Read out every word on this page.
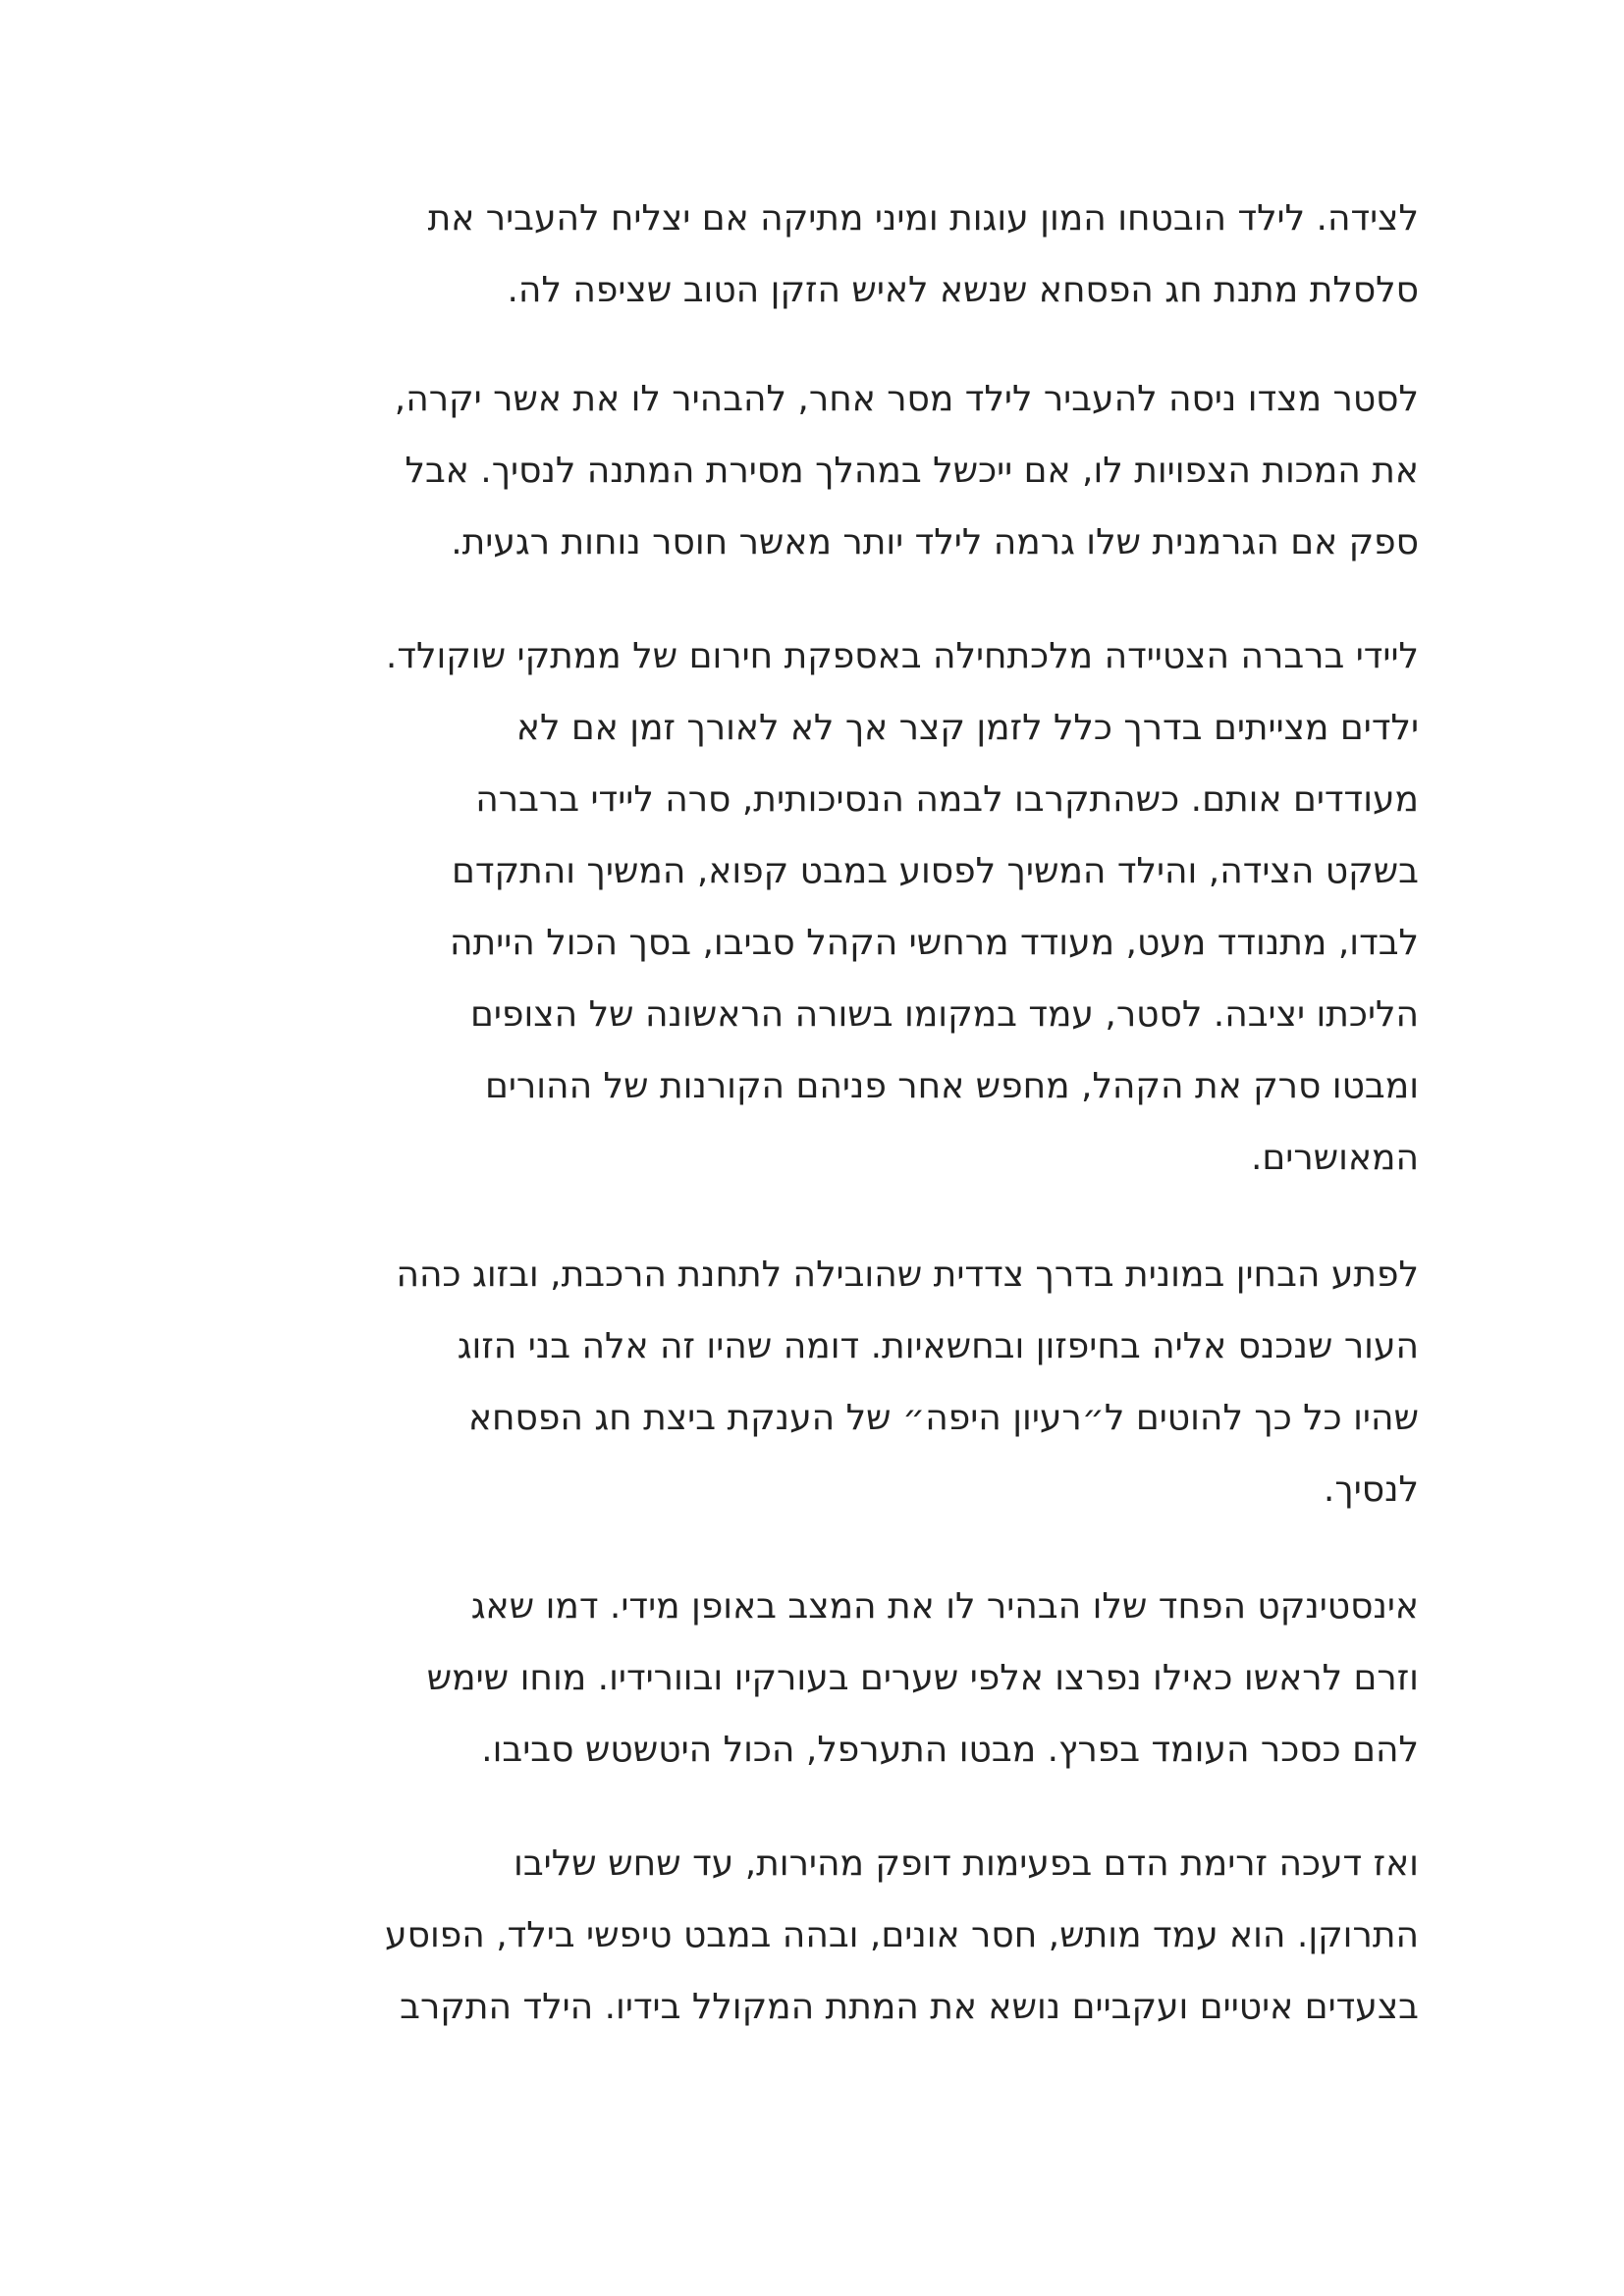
לצידה. לילד הובטחו המון עוגות ומיני מתיקה אם יצליח להעביר את
סלסלת מתנת חג הפסחא שנשא לאיש הזקן הטוב שציפה לה.
לסטר מצדו ניסה להעביר לילד מסר אחר, להבהיר לו את אשר יקרה,
את המכות הצפויות לו, אם ייכשל במהלך מסירת המתנה לנסיך. אבל
ספק אם הגרמנית שלו גרמה לילד יותר מאשר חוסר נוחות רגעית.
ליידי ברברה הצטיידה מלכתחילה באספקת חירום של ממתקי שוקולד.
ילדים מצייתים בדרך כלל לזמן קצר אך לא לאורך זמן אם לא
מעודדים אותם. כשהתקרבו לבמה הנסיכותית, סרה ליידי ברברה
בשקט הצידה, והילד המשיך לפסוע במבט קפוא, המשיך והתקדם
לבדו, מתנודד מעט, מעודד מרחשי הקהל סביבו, בסך הכול הייתה
הליכתו יציבה. לסטר, עמד במקומו בשורה הראשונה של הצופים
ומבטו סרק את הקהל, מחפש אחר פניהם הקורנות של ההורים
המאושרים.
לפתע הבחין במונית בדרך צדדית שהובילה לתחנת הרכבת, ובזוג כהה
העור שנכנס אליה בחיפזון ובחשאיות. דומה שהיו זה אלה בני הזוג
שהיו כל כך להוטים ל״רעיון היפה״ של הענקת ביצת חג הפסחא
לנסיך.
אינסטינקט הפחד שלו הבהיר לו את המצב באופן מידי. דמו שאג
וזרם לראשו כאילו נפרצו אלפי שערים בעורקיו ובוורידיו. מוחו שימש
להם כסכר העומד בפרץ. מבטו התערפל, הכול היטשטש סביבו.
ואז דעכה זרימת הדם בפעימות דופק מהירות, עד שחש שליבו
התרוקן. הוא עמד מותש, חסר אונים, ובהה במבט טיפשי בילד, הפוסע
בצעדים איטיים ועקביים נושא את המתת המקולל בידיו. הילד התקרב
